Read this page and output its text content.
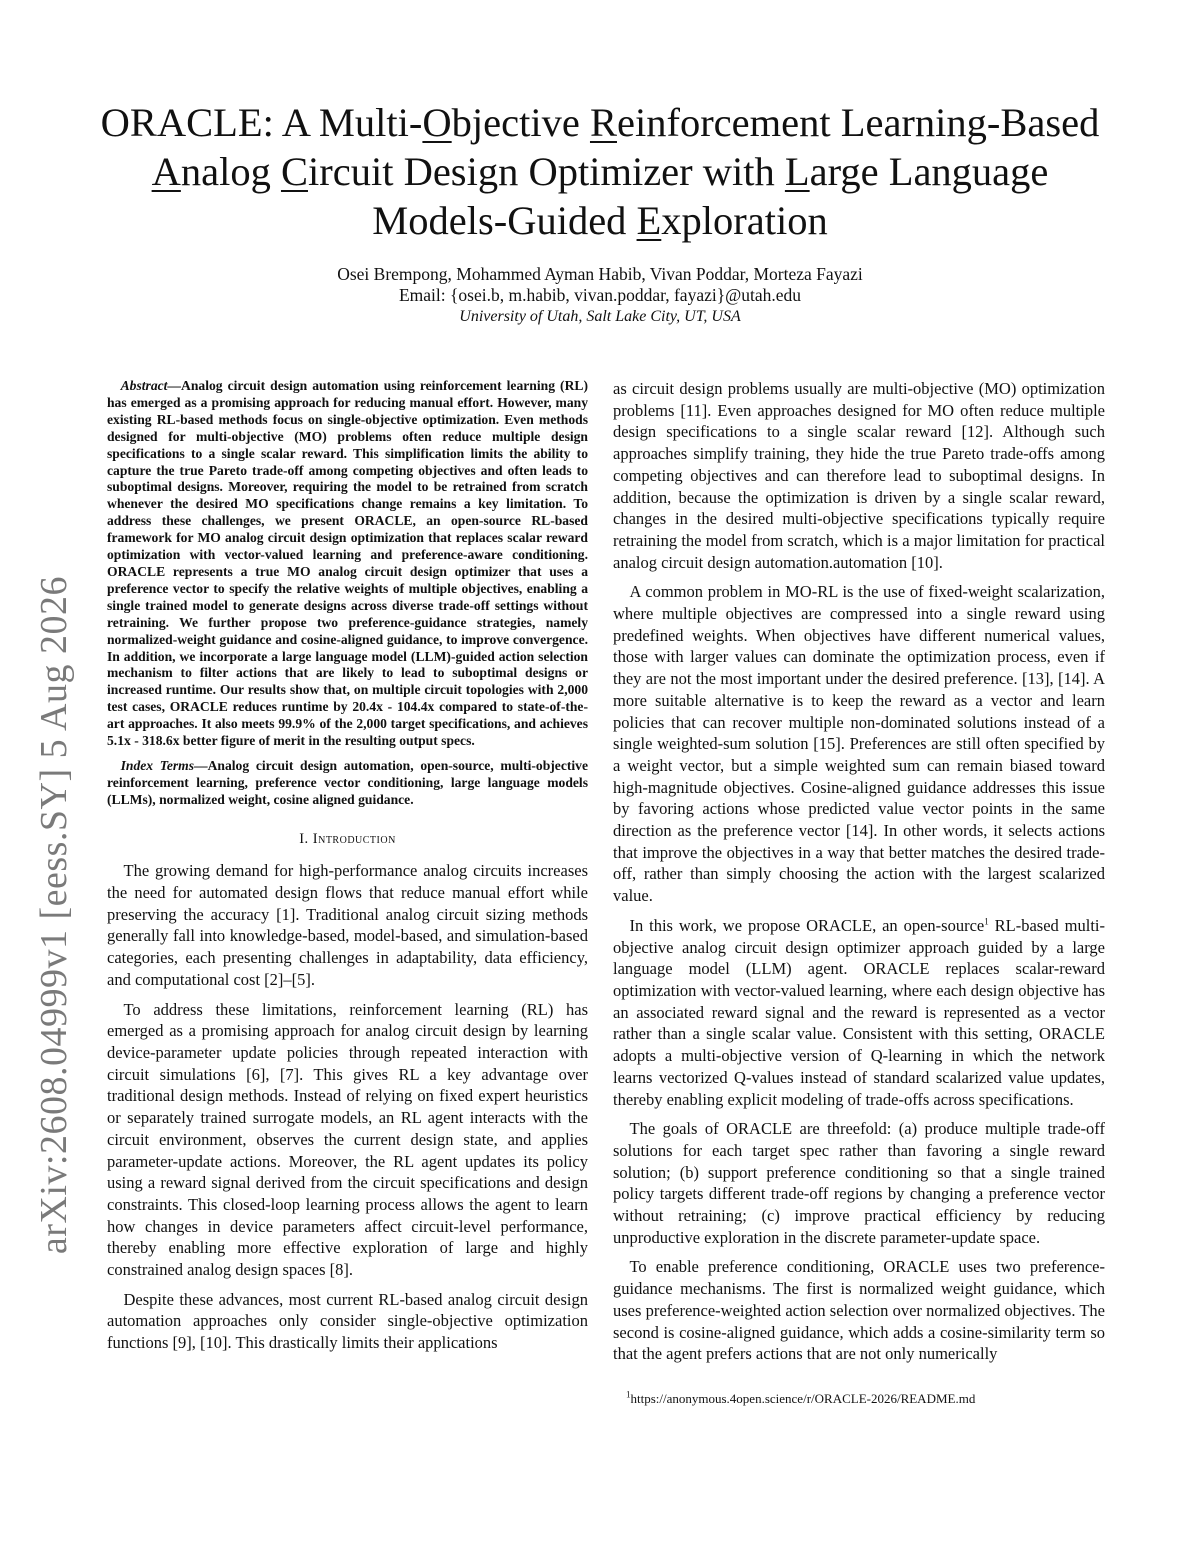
arXiv:2608.04999v1 [eess.SY] 5 Aug 2026
ORACLE: A Multi-Objective Reinforcement Learning-Based
Analog Circuit Design Optimizer with Large Language
Models-Guided Exploration
Osei Brempong, Mohammed Ayman Habib, Vivan Poddar, Morteza Fayazi
Email: {osei.b, m.habib, vivan.poddar, fayazi}@utah.edu
University of Utah, Salt Lake City, UT, USA

Abstract—Analog circuit design automation using reinforcement learning (RL) has emerged as a promising approach for reducing manual effort. However, many existing RL-based methods focus on single-objective optimization. Even methods designed for multi-objective (MO) problems often reduce multiple design specifications to a single scalar reward. This simplification limits the ability to capture the true Pareto trade-off among competing objectives and often leads to suboptimal designs. Moreover, requiring the model to be retrained from scratch whenever the desired MO specifications change remains a key limitation. To address these challenges, we present ORACLE, an open-source RL-based framework for MO analog circuit design optimization that replaces scalar reward optimization with vector-valued learning and preference-aware conditioning. ORACLE represents a true MO analog circuit design optimizer that uses a preference vector to specify the relative weights of multiple objectives, enabling a single trained model to generate designs across diverse trade-off settings without retraining. We further propose two preference-guidance strategies, namely normalized-weight guidance and cosine-aligned guidance, to improve convergence. In addition, we incorporate a large language model (LLM)-guided action selection mechanism to filter actions that are likely to lead to suboptimal designs or increased runtime. Our results show that, on multiple circuit topologies with 2,000 test cases, ORACLE reduces runtime by 20.4x - 104.4x compared to state-of-the-art approaches. It also meets 99.9% of the 2,000 target specifications, and achieves 5.1x - 318.6x better figure of merit in the resulting output specs.

Index Terms—Analog circuit design automation, open-source, multi-objective reinforcement learning, preference vector conditioning, large language models (LLMs), normalized weight, cosine aligned guidance.

I. Introduction

The growing demand for high-performance analog circuits increases the need for automated design flows that reduce manual effort while preserving the accuracy [1]. Traditional analog circuit sizing methods generally fall into knowledge-based, model-based, and simulation-based categories, each presenting challenges in adaptability, data efficiency, and computational cost [2]–[5].

To address these limitations, reinforcement learning (RL) has emerged as a promising approach for analog circuit design by learning device-parameter update policies through repeated interaction with circuit simulations [6], [7]. This gives RL a key advantage over traditional design methods. Instead of relying on fixed expert heuristics or separately trained surrogate models, an RL agent interacts with the circuit environment, observes the current design state, and applies parameter-update actions. Moreover, the RL agent updates its policy using a reward signal derived from the circuit specifications and design constraints. This closed-loop learning process allows the agent to learn how changes in device parameters affect circuit-level performance, thereby enabling more effective exploration of large and highly constrained analog design spaces [8].

Despite these advances, most current RL-based analog circuit design automation approaches only consider single-objective optimization functions [9], [10]. This drastically limits their applications

as circuit design problems usually are multi-objective (MO) optimization problems [11]. Even approaches designed for MO often reduce multiple design specifications to a single scalar reward [12]. Although such approaches simplify training, they hide the true Pareto trade-offs among competing objectives and can therefore lead to suboptimal designs. In addition, because the optimization is driven by a single scalar reward, changes in the desired multi-objective specifications typically require retraining the model from scratch, which is a major limitation for practical analog circuit design automation.automation [10].

A common problem in MO-RL is the use of fixed-weight scalarization, where multiple objectives are compressed into a single reward using predefined weights. When objectives have different numerical values, those with larger values can dominate the optimization process, even if they are not the most important under the desired preference. [13], [14]. A more suitable alternative is to keep the reward as a vector and learn policies that can recover multiple non-dominated solutions instead of a single weighted-sum solution [15]. Preferences are still often specified by a weight vector, but a simple weighted sum can remain biased toward high-magnitude objectives. Cosine-aligned guidance addresses this issue by favoring actions whose predicted value vector points in the same direction as the preference vector [14]. In other words, it selects actions that improve the objectives in a way that better matches the desired trade-off, rather than simply choosing the action with the largest scalarized value.

In this work, we propose ORACLE, an open-source$^1$ RL-based multi-objective analog circuit design optimizer approach guided by a large language model (LLM) agent. ORACLE replaces scalar-reward optimization with vector-valued learning, where each design objective has an associated reward signal and the reward is represented as a vector rather than a single scalar value. Consistent with this setting, ORACLE adopts a multi-objective version of Q-learning in which the network learns vectorized Q-values instead of standard scalarized value updates, thereby enabling explicit modeling of trade-offs across specifications.

The goals of ORACLE are threefold: (a) produce multiple trade-off solutions for each target spec rather than favoring a single reward solution; (b) support preference conditioning so that a single trained policy targets different trade-off regions by changing a preference vector without retraining; (c) improve practical efficiency by reducing unproductive exploration in the discrete parameter-update space.

To enable preference conditioning, ORACLE uses two preference-guidance mechanisms. The first is normalized weight guidance, which uses preference-weighted action selection over normalized objectives. The second is cosine-aligned guidance, which adds a cosine-similarity term so that the agent prefers actions that are not only numerically

$^1$https://anonymous.4open.science/r/ORACLE-2026/README.md
